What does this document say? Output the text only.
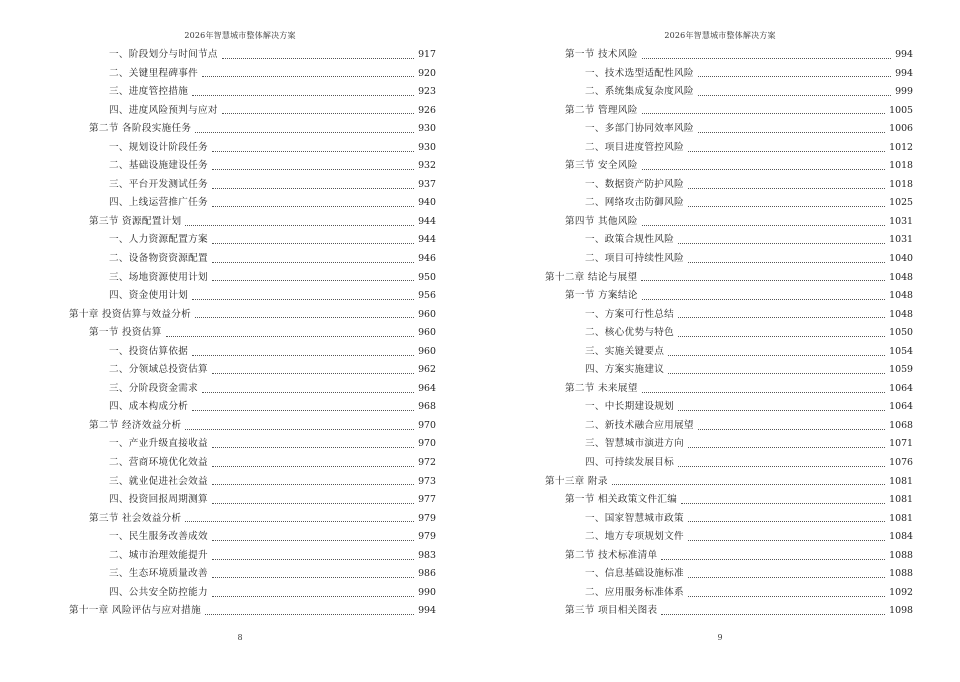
2026年智慧城市整体解决方案
一、阶段划分与时间节点	917
二、关键里程碑事件	920
三、进度管控措施	923
四、进度风险预判与应对	926
第二节 各阶段实施任务	930
一、规划设计阶段任务	930
二、基础设施建设任务	932
三、平台开发测试任务	937
四、上线运营推广任务	940
第三节 资源配置计划	944
一、人力资源配置方案	944
二、设备物资资源配置	946
三、场地资源使用计划	950
四、资金使用计划	956
第十章 投资估算与效益分析	960
第一节 投资估算	960
一、投资估算依据	960
二、分领域总投资估算	962
三、分阶段资金需求	964
四、成本构成分析	968
第二节 经济效益分析	970
一、产业升级直接收益	970
二、营商环境优化效益	972
三、就业促进社会效益	973
四、投资回报周期测算	977
第三节 社会效益分析	979
一、民生服务改善成效	979
二、城市治理效能提升	983
三、生态环境质量改善	986
四、公共安全防控能力	990
第十一章 风险评估与应对措施	994
8
2026年智慧城市整体解决方案
第一节 技术风险	994
一、技术选型适配性风险	994
二、系统集成复杂度风险	999
第二节 管理风险	1005
一、多部门协同效率风险	1006
二、项目进度管控风险	1012
第三节 安全风险	1018
一、数据资产防护风险	1018
二、网络攻击防御风险	1025
第四节 其他风险	1031
一、政策合规性风险	1031
二、项目可持续性风险	1040
第十二章 结论与展望	1048
第一节 方案结论	1048
一、方案可行性总结	1048
二、核心优势与特色	1050
三、实施关键要点	1054
四、方案实施建议	1059
第二节 未来展望	1064
一、中长期建设规划	1064
二、新技术融合应用展望	1068
三、智慧城市演进方向	1071
四、可持续发展目标	1076
第十三章 附录	1081
第一节 相关政策文件汇编	1081
一、国家智慧城市政策	1081
二、地方专项规划文件	1084
第二节 技术标准清单	1088
一、信息基础设施标准	1088
二、应用服务标准体系	1092
第三节 项目相关图表	1098
9
